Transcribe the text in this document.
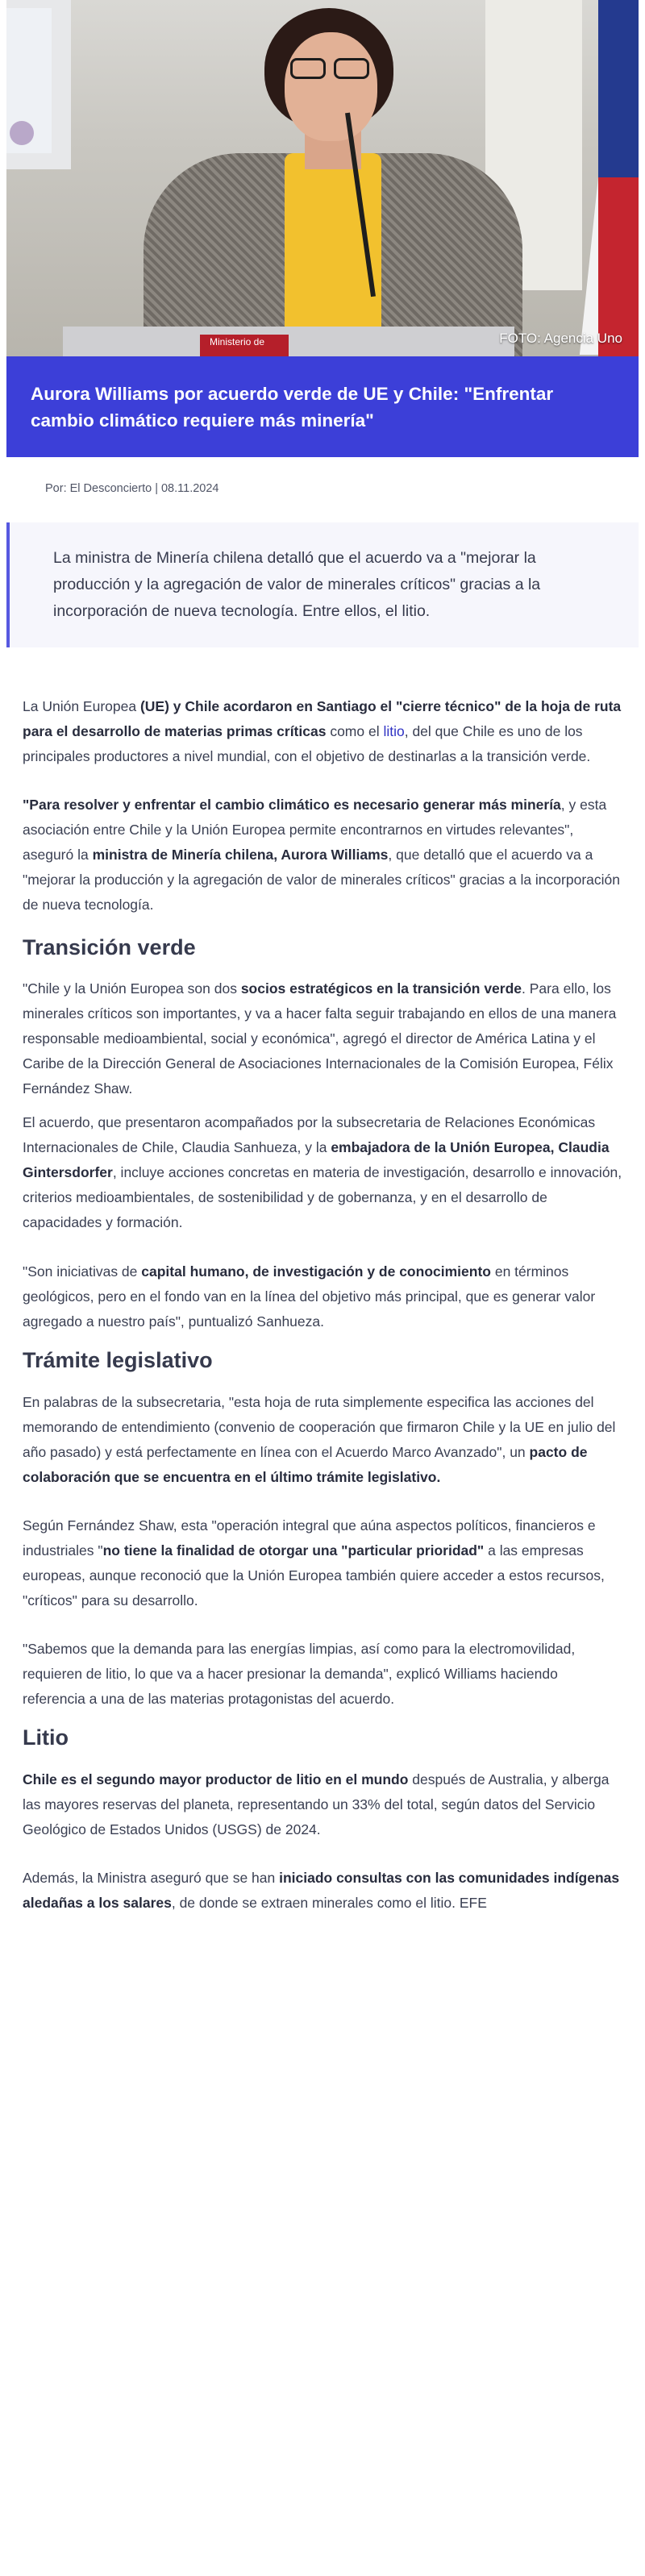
Ministerio de	FOTO: Agencia Uno
Aurora Williams por acuerdo verde de UE y Chile: "Enfrentar cambio climático requiere más minería"
Por: El Desconcierto | 08.11.2024

La ministra de Minería chilena detalló que el acuerdo va a "mejorar la producción y la agregación de valor de minerales críticos" gracias a la incorporación de nueva tecnología. Entre ellos, el litio.

La Unión Europea (UE) y Chile acordaron en Santiago el "cierre técnico" de la hoja de ruta para el desarrollo de materias primas críticas como el litio, del que Chile es uno de los principales productores a nivel mundial, con el objetivo de destinarlas a la transición verde.

"Para resolver y enfrentar el cambio climático es necesario generar más minería, y esta asociación entre Chile y la Unión Europea permite encontrarnos en virtudes relevantes", aseguró la ministra de Minería chilena, Aurora Williams, que detalló que el acuerdo va a "mejorar la producción y la agregación de valor de minerales críticos" gracias a la incorporación de nueva tecnología.

Transición verde

"Chile y la Unión Europea son dos socios estratégicos en la transición verde. Para ello, los minerales críticos son importantes, y va a hacer falta seguir trabajando en ellos de una manera responsable medioambiental, social y económica", agregó el director de América Latina y el Caribe de la Dirección General de Asociaciones Internacionales de la Comisión Europea, Félix Fernández Shaw.

El acuerdo, que presentaron acompañados por la subsecretaria de Relaciones Económicas Internacionales de Chile, Claudia Sanhueza, y la embajadora de la Unión Europea, Claudia Gintersdorfer, incluye acciones concretas en materia de investigación, desarrollo e innovación, criterios medioambientales, de sostenibilidad y de gobernanza, y en el desarrollo de capacidades y formación.

"Son iniciativas de capital humano, de investigación y de conocimiento en términos geológicos, pero en el fondo van en la línea del objetivo más principal, que es generar valor agregado a nuestro país", puntualizó Sanhueza.

Trámite legislativo

En palabras de la subsecretaria, "esta hoja de ruta simplemente especifica las acciones del memorando de entendimiento (convenio de cooperación que firmaron Chile y la UE en julio del año pasado) y está perfectamente en línea con el Acuerdo Marco Avanzado", un pacto de colaboración que se encuentra en el último trámite legislativo.

Según Fernández Shaw, esta "operación integral que aúna aspectos políticos, financieros e industriales "no tiene la finalidad de otorgar una "particular prioridad" a las empresas europeas, aunque reconoció que la Unión Europea también quiere acceder a estos recursos, "críticos" para su desarrollo.

"Sabemos que la demanda para las energías limpias, así como para la electromovilidad, requieren de litio, lo que va a hacer presionar la demanda", explicó Williams haciendo referencia a una de las materias protagonistas del acuerdo.

Litio

Chile es el segundo mayor productor de litio en el mundo después de Australia, y alberga las mayores reservas del planeta, representando un 33% del total, según datos del Servicio Geológico de Estados Unidos (USGS) de 2024.

Además, la Ministra aseguró que se han iniciado consultas con las comunidades indígenas aledañas a los salares, de donde se extraen minerales como el litio. EFE
